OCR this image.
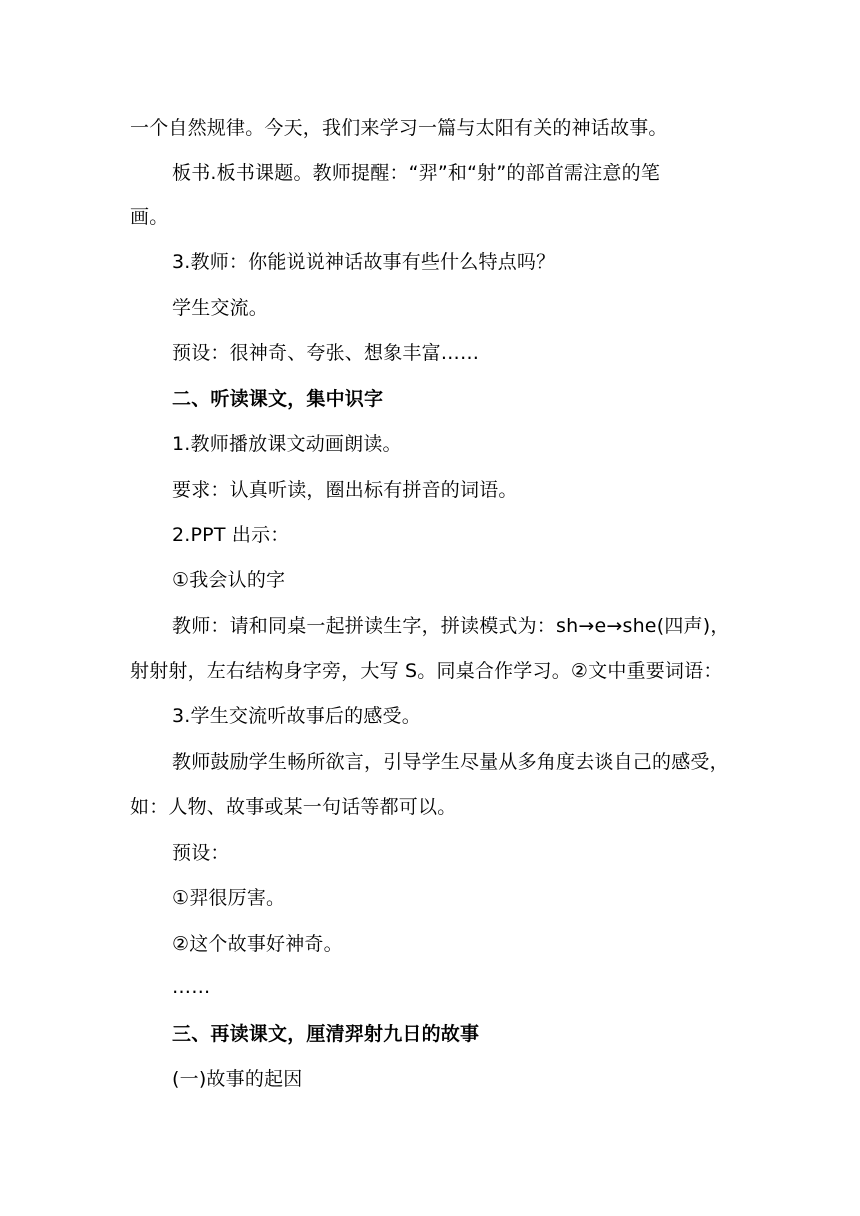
一个自然规律。今天，我们来学习一篇与太阳有关的神话故事。
板书.板书课题。教师提醒：“羿”和“射”的部首需注意的笔
画。
3.教师：你能说说神话故事有些什么特点吗？
学生交流。
预设：很神奇、夸张、想象丰富……
二、听读课文，集中识字
1.教师播放课文动画朗读。
要求：认真听读，圈出标有拼音的词语。
2.PPT 出示：
①我会认的字
教师：请和同桌一起拼读生字，拼读模式为：sh→e→she(四声)，
射射射，左右结构身字旁，大写 S。同桌合作学习。②文中重要词语：
3.学生交流听故事后的感受。
教师鼓励学生畅所欲言，引导学生尽量从多角度去谈自己的感受，
如：人物、故事或某一句话等都可以。
预设：
①羿很厉害。
②这个故事好神奇。
……
三、再读课文，厘清羿射九日的故事
(一)故事的起因
